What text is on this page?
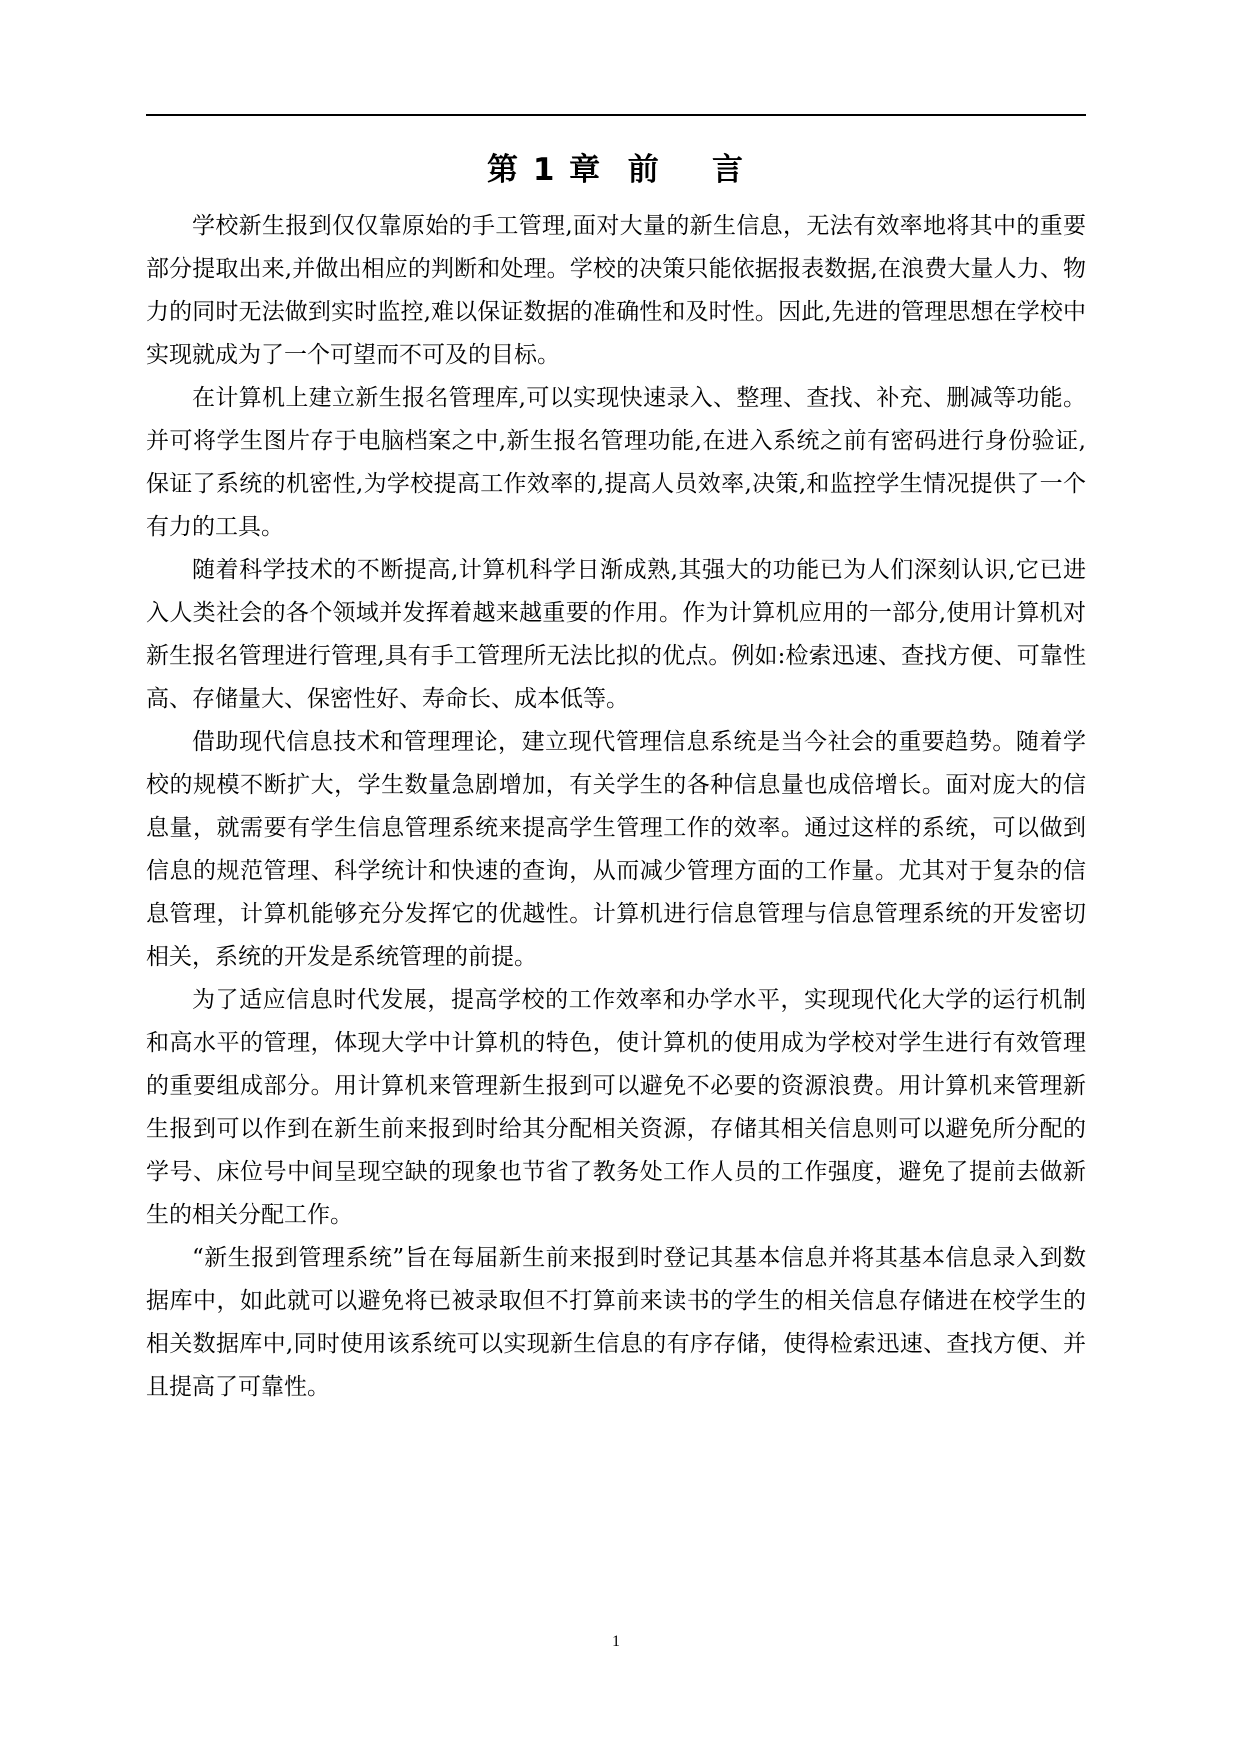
第 1 章  前    言

学校新生报到仅仅靠原始的手工管理,面对大量的新生信息，无法有效率地将其中的重要部分提取出来,并做出相应的判断和处理。学校的决策只能依据报表数据,在浪费大量人力、物力的同时无法做到实时监控,难以保证数据的准确性和及时性。因此,先进的管理思想在学校中实现就成为了一个可望而不可及的目标。

在计算机上建立新生报名管理库,可以实现快速录入、整理、查找、补充、删减等功能。并可将学生图片存于电脑档案之中,新生报名管理功能,在进入系统之前有密码进行身份验证,保证了系统的机密性,为学校提高工作效率的,提高人员效率,决策,和监控学生情况提供了一个有力的工具。

随着科学技术的不断提高,计算机科学日渐成熟,其强大的功能已为人们深刻认识,它已进入人类社会的各个领域并发挥着越来越重要的作用。作为计算机应用的一部分,使用计算机对新生报名管理进行管理,具有手工管理所无法比拟的优点。例如:检索迅速、查找方便、可靠性高、存储量大、保密性好、寿命长、成本低等。

借助现代信息技术和管理理论，建立现代管理信息系统是当今社会的重要趋势。随着学校的规模不断扩大，学生数量急剧增加，有关学生的各种信息量也成倍增长。面对庞大的信息量，就需要有学生信息管理系统来提高学生管理工作的效率。通过这样的系统，可以做到信息的规范管理、科学统计和快速的查询，从而减少管理方面的工作量。尤其对于复杂的信息管理，计算机能够充分发挥它的优越性。计算机进行信息管理与信息管理系统的开发密切相关，系统的开发是系统管理的前提。

为了适应信息时代发展，提高学校的工作效率和办学水平，实现现代化大学的运行机制和高水平的管理，体现大学中计算机的特色，使计算机的使用成为学校对学生进行有效管理的重要组成部分。用计算机来管理新生报到可以避免不必要的资源浪费。用计算机来管理新生报到可以作到在新生前来报到时给其分配相关资源，存储其相关信息则可以避免所分配的学号、床位号中间呈现空缺的现象也节省了教务处工作人员的工作强度，避免了提前去做新生的相关分配工作。

“新生报到管理系统”旨在每届新生前来报到时登记其基本信息并将其基本信息录入到数据库中，如此就可以避免将已被录取但不打算前来读书的学生的相关信息存储进在校学生的相关数据库中,同时使用该系统可以实现新生信息的有序存储，使得检索迅速、查找方便、并且提高了可靠性。

1
